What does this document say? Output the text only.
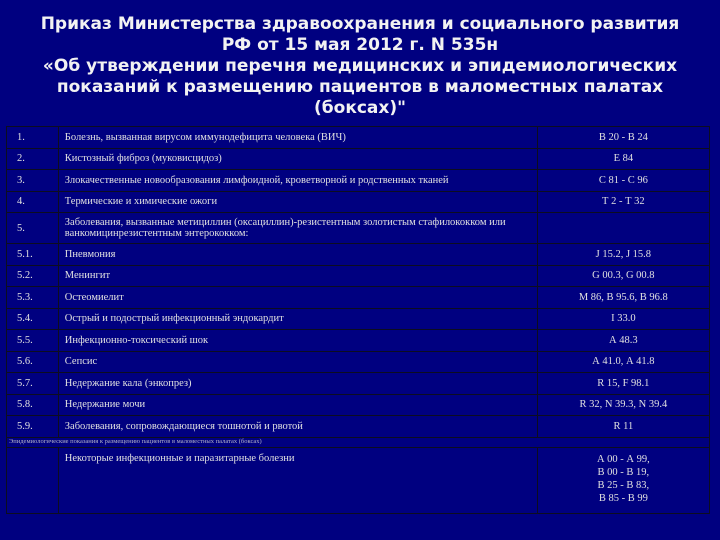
Приказ Министерства здравоохранения и социального развития
РФ от 15 мая 2012 г. N 535н
«Об утверждении перечня медицинских и эпидемиологических
показаний к размещению пациентов в маломестных палатах
(боксах)"
1.	Болезнь, вызванная вирусом иммунодефицита человека (ВИЧ)	В 20 - В 24
2.	Кистозный фиброз (муковисцидоз)	Е 84
3.	Злокачественные новообразования лимфоидной, кроветворной и родственных тканей	С 81 - С 96
4.	Термические и химические ожоги	Т 2 - Т 32
5.	Заболевания, вызванные метициллин (оксациллин)-резистентным золотистым стафилококком или ванкомицинрезистентным энтерококком:	
5.1.	Пневмония	J 15.2, J 15.8
5.2.	Менингит	G 00.3, G 00.8
5.3.	Остеомиелит	M 86, B 95.6, B 96.8
5.4.	Острый и подострый инфекционный эндокардит	I 33.0
5.5.	Инфекционно-токсический шок	А 48.3
5.6.	Сепсис	А 41.0, А 41.8
5.7.	Недержание кала (энкопрез)	R 15, F 98.1
5.8.	Недержание мочи	R 32, N 39.3, N 39.4
5.9.	Заболевания, сопровождающиеся тошнотой и рвотой	R 11
Эпидемиологические показания к размещению пациентов в маломестных палатах (боксах)		
	Некоторые инфекционные и паразитарные болезни	А 00 - А 99,
В 00 - В 19,
В 25 - В 83,
В 85 - В 99
